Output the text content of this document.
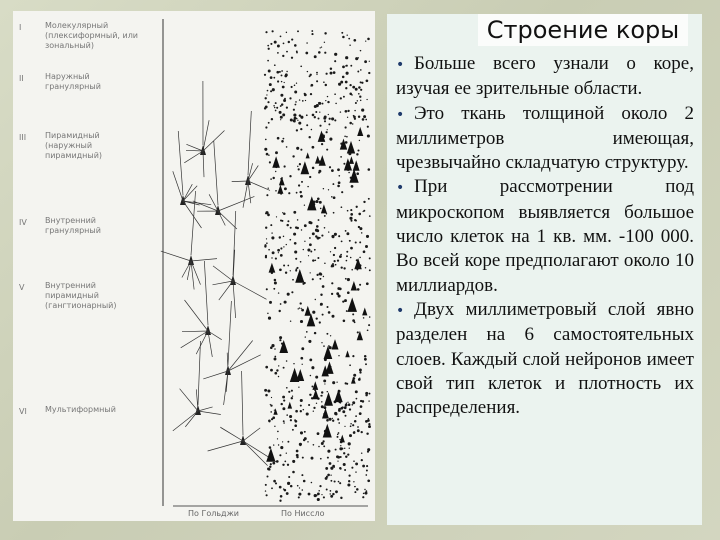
I	Молекулярный (плексиформный, или зональный)
II	Наружный гранулярный
III Пирамидный (наружный пирамидный)
IV Внутренний гранулярный
V	Внутренний пирамидный (гангтионарный)
VI Мультиформный
По Гольджи	По Ниссло
Строение коры
• Больше всего узнали о коре, изучая ее зрительные области.
• Это ткань толщиной около 2 миллиметров имеющая, чрезвычайно складчатую структуру.
• При рассмотрении под микроскопом выявляется большое число клеток на 1 кв. мм. -100 000. Во всей коре предполагают около 10 миллиардов.
• Двух миллиметровый слой явно разделен на 6 самостоятельных слоев. Каждый слой нейронов имеет свой тип клеток и плотность их распределения.
